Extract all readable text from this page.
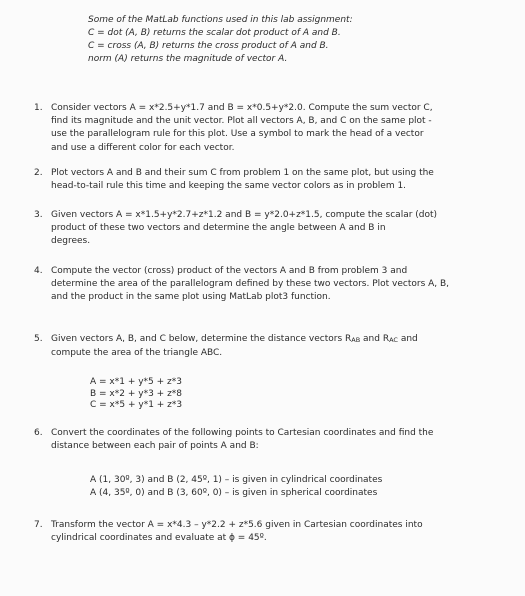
Some of the MatLab functions used in this lab assignment:
C = dot (A, B) returns the scalar dot product of A and B.
C = cross (A, B) returns the cross product of A and B.
norm (A) returns the magnitude of vector A.
1. Consider vectors A = x*2.5+y*1.7 and B = x*0.5+y*2.0. Compute the sum vector C,
find its magnitude and the unit vector. Plot all vectors A, B, and C on the same plot -
use the parallelogram rule for this plot. Use a symbol to mark the head of a vector
and use a different color for each vector.
2. Plot vectors A and B and their sum C from problem 1 on the same plot, but using the
head-to-tail rule this time and keeping the same vector colors as in problem 1.
3. Given vectors A = x*1.5+y*2.7+z*1.2 and B = y*2.0+z*1.5, compute the scalar (dot)
product of these two vectors and determine the angle between A and B in
degrees.
4. Compute the vector (cross) product of the vectors A and B from problem 3 and
determine the area of the parallelogram defined by these two vectors. Plot vectors A, B,
and the product in the same plot using MatLab plot3 function.
5. Given vectors A, B, and C below, determine the distance vectors RAB and RAC and
compute the area of the triangle ABC.
A = x*1 + y*5 + z*3
B = x*2 + y*3 + z*8
C = x*5 + y*1 + z*3
6. Convert the coordinates of the following points to Cartesian coordinates and find the
distance between each pair of points A and B:
A (1, 30º, 3) and B (2, 45º, 1) – is given in cylindrical coordinates
A (4, 35º, 0) and B (3, 60º, 0) – is given in spherical coordinates
7. Transform the vector A = x*4.3 – y*2.2 + z*5.6 given in Cartesian coordinates into
cylindrical coordinates and evaluate at ϕ = 45º.
